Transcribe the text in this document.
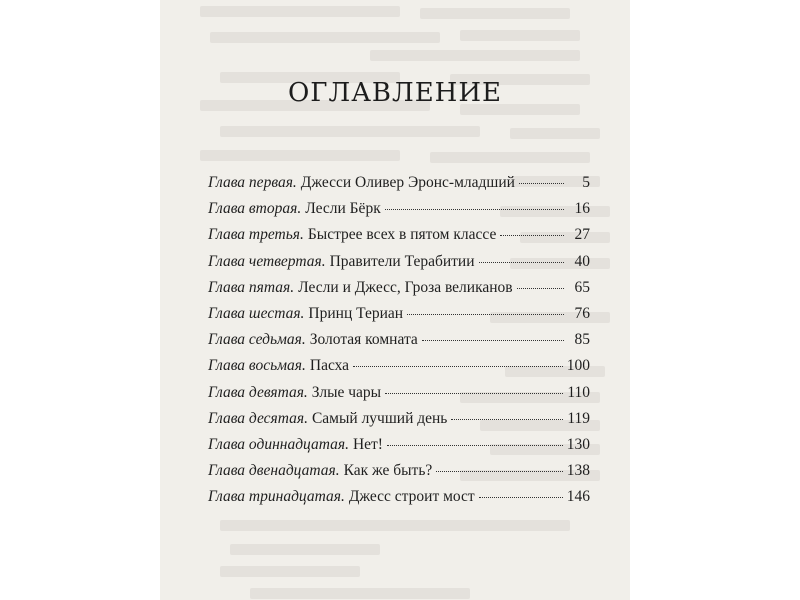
ОГЛАВЛЕНИЕ
Глава первая. Джесси Оливер Эронс-младший	5
Глава вторая. Лесли Бёрк	16
Глава третья. Быстрее всех в пятом классе	27
Глава четвертая. Правители Терабитии	40
Глава пятая. Лесли и Джесс, Гроза великанов	65
Глава шестая. Принц Териан	76
Глава седьмая. Золотая комната	85
Глава восьмая. Пасха	100
Глава девятая. Злые чары	110
Глава десятая. Самый лучший день	119
Глава одиннадцатая. Нет!	130
Глава двенадцатая. Как же быть?	138
Глава тринадцатая. Джесс строит мост	146
